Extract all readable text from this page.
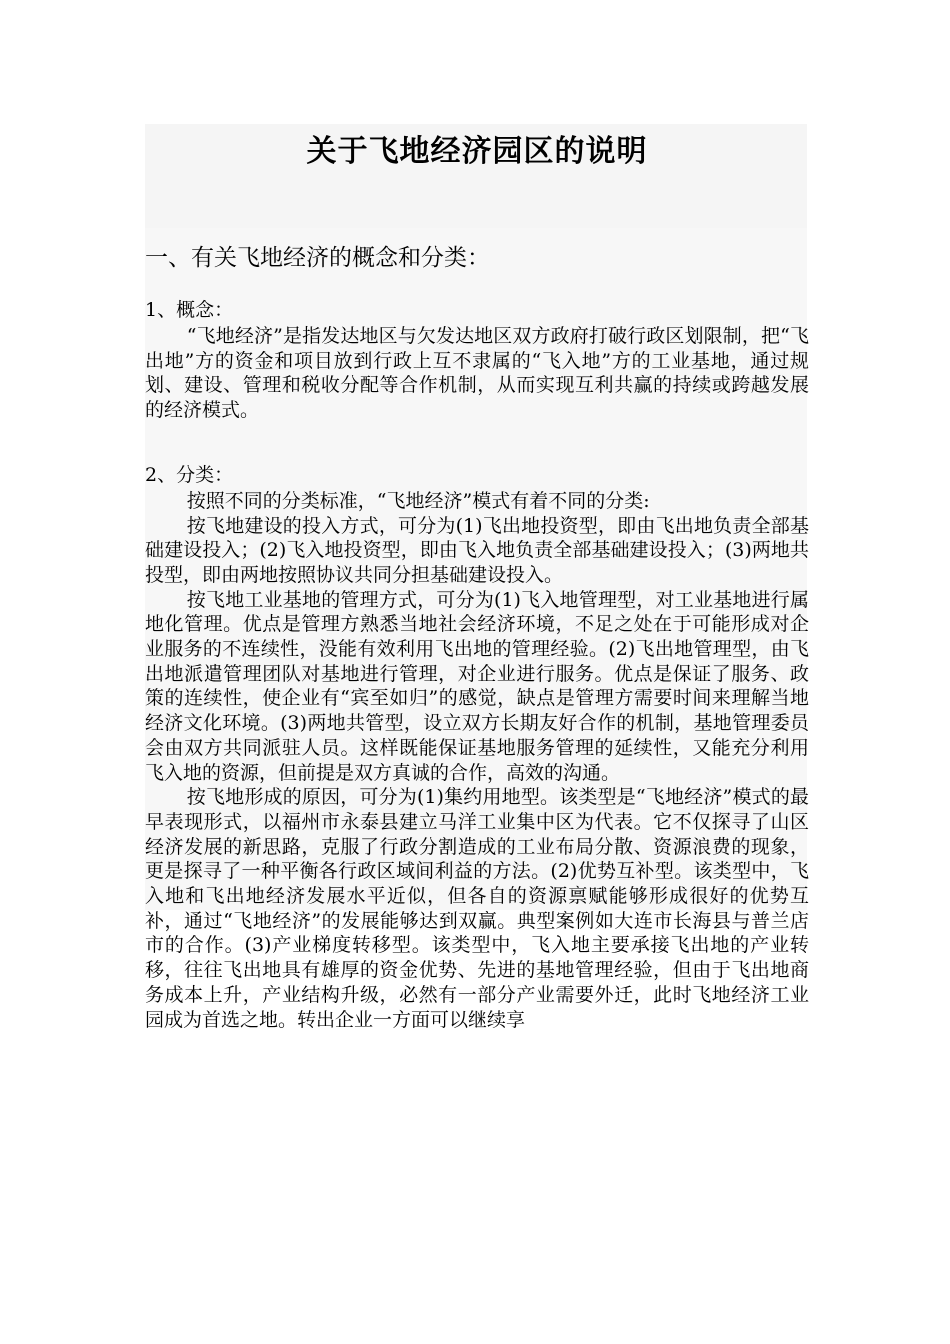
关于飞地经济园区的说明
一、有关飞地经济的概念和分类：
1、概念：

“飞地经济”是指发达地区与欠发达地区双方政府打破行政区划限制，把“飞出地”方的资金和项目放到行政上互不隶属的“飞入地”方的工业基地，通过规划、建设、管理和税收分配等合作机制，从而实现互利共赢的持续或跨越发展的经济模式。

2、分类：

按照不同的分类标准，“飞地经济”模式有着不同的分类:

按飞地建设的投入方式，可分为(1)飞出地投资型，即由飞出地负责全部基础建设投入；(2)飞入地投资型，即由飞入地负责全部基础建设投入；(3)两地共投型，即由两地按照协议共同分担基础建设投入。

按飞地工业基地的管理方式，可分为(1)飞入地管理型，对工业基地进行属地化管理。优点是管理方熟悉当地社会经济环境，不足之处在于可能形成对企业服务的不连续性，没能有效利用飞出地的管理经验。(2)飞出地管理型，由飞出地派遣管理团队对基地进行管理，对企业进行服务。优点是保证了服务、政策的连续性，使企业有“宾至如归”的感觉，缺点是管理方需要时间来理解当地经济文化环境。(3)两地共管型，设立双方长期友好合作的机制，基地管理委员会由双方共同派驻人员。这样既能保证基地服务管理的延续性，又能充分利用飞入地的资源，但前提是双方真诚的合作，高效的沟通。

按飞地形成的原因，可分为(1)集约用地型。该类型是“飞地经济”模式的最早表现形式，以福州市永泰县建立马洋工业集中区为代表。它不仅探寻了山区经济发展的新思路，克服了行政分割造成的工业布局分散、资源浪费的现象，更是探寻了一种平衡各行政区域间利益的方法。(2)优势互补型。该类型中，飞入地和飞出地经济发展水平近似，但各自的资源禀赋能够形成很好的优势互补，通过“飞地经济”的发展能够达到双赢。典型案例如大连市长海县与普兰店市的合作。(3)产业梯度转移型。该类型中，飞入地主要承接飞出地的产业转移，往往飞出地具有雄厚的资金优势、先进的基地管理经验，但由于飞出地商务成本上升，产业结构升级，必然有一部分产业需要外迁，此时飞地经济工业园成为首选之地。转出企业一方面可以继续享
